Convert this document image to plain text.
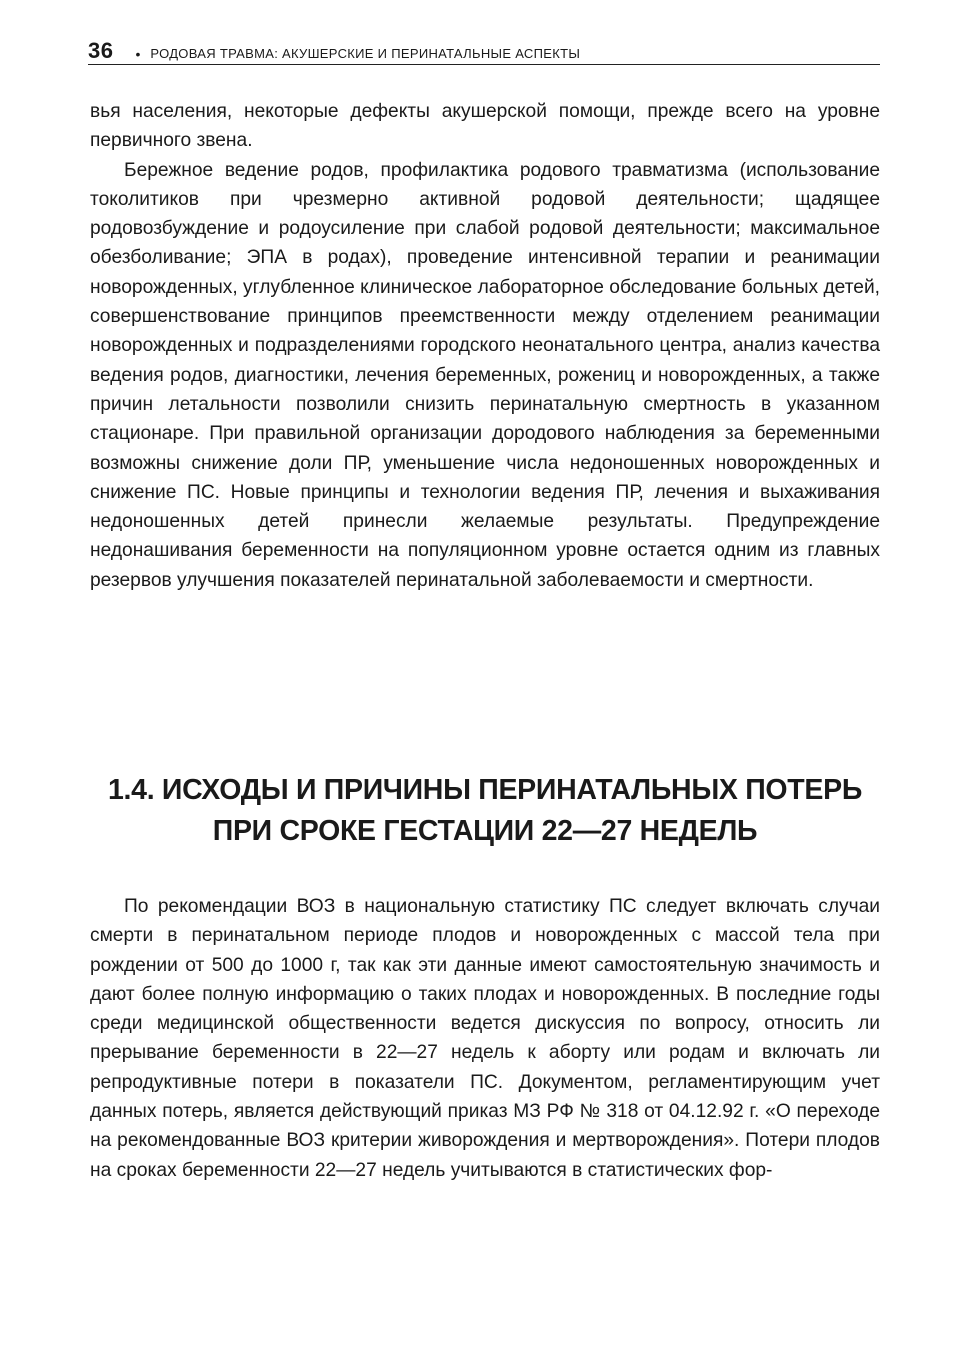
36 • РОДОВАЯ ТРАВМА: АКУШЕРСКИЕ И ПЕРИНАТАЛЬНЫЕ АСПЕКТЫ

вья населения, некоторые дефекты акушерской помощи, прежде всего на уровне первичного звена.

Бережное ведение родов, профилактика родового травматизма (использование токолитиков при чрезмерно активной родовой деятельности; щадящее родовозбуждение и родоусиление при слабой родовой деятельности; максимальное обезболивание; ЭПА в родах), проведение интенсивной терапии и реанимации новорожденных, углубленное клиническое лабораторное обследование больных детей, совершенствование принципов преемственности между отделением реанимации новорожденных и подразделениями городского неонатального центра, анализ качества ведения родов, диагностики, лечения беременных, рожениц и новорожденных, а также причин летальности позволили снизить перинатальную смертность в указанном стационаре. При правильной организации дородового наблюдения за беременными возможны снижение доли ПР, уменьшение числа недоношенных новорожденных и снижение ПС. Новые принципы и технологии ведения ПР, лечения и выхаживания недоношенных детей принесли желаемые результаты. Предупреждение недонашивания беременности на популяционном уровне остается одним из главных резервов улучшения показателей перинатальной заболеваемости и смертности.

1.4. ИСХОДЫ И ПРИЧИНЫ ПЕРИНАТАЛЬНЫХ ПОТЕРЬ
ПРИ СРОКЕ ГЕСТАЦИИ 22—27 НЕДЕЛЬ

По рекомендации ВОЗ в национальную статистику ПС следует включать случаи смерти в перинатальном периоде плодов и новорожденных с массой тела при рождении от 500 до 1000 г, так как эти данные имеют самостоятельную значимость и дают более полную информацию о таких плодах и новорожденных. В последние годы среди медицинской общественности ведется дискуссия по вопросу, относить ли прерывание беременности в 22—27 недель к аборту или родам и включать ли репродуктивные потери в показатели ПС. Документом, регламентирующим учет данных потерь, является действующий приказ МЗ РФ № 318 от 04.12.92 г. «О переходе на рекомендованные ВОЗ критерии живорождения и мертворождения». Потери плодов на сроках беременности 22—27 недель учитываются в статистических фор-
